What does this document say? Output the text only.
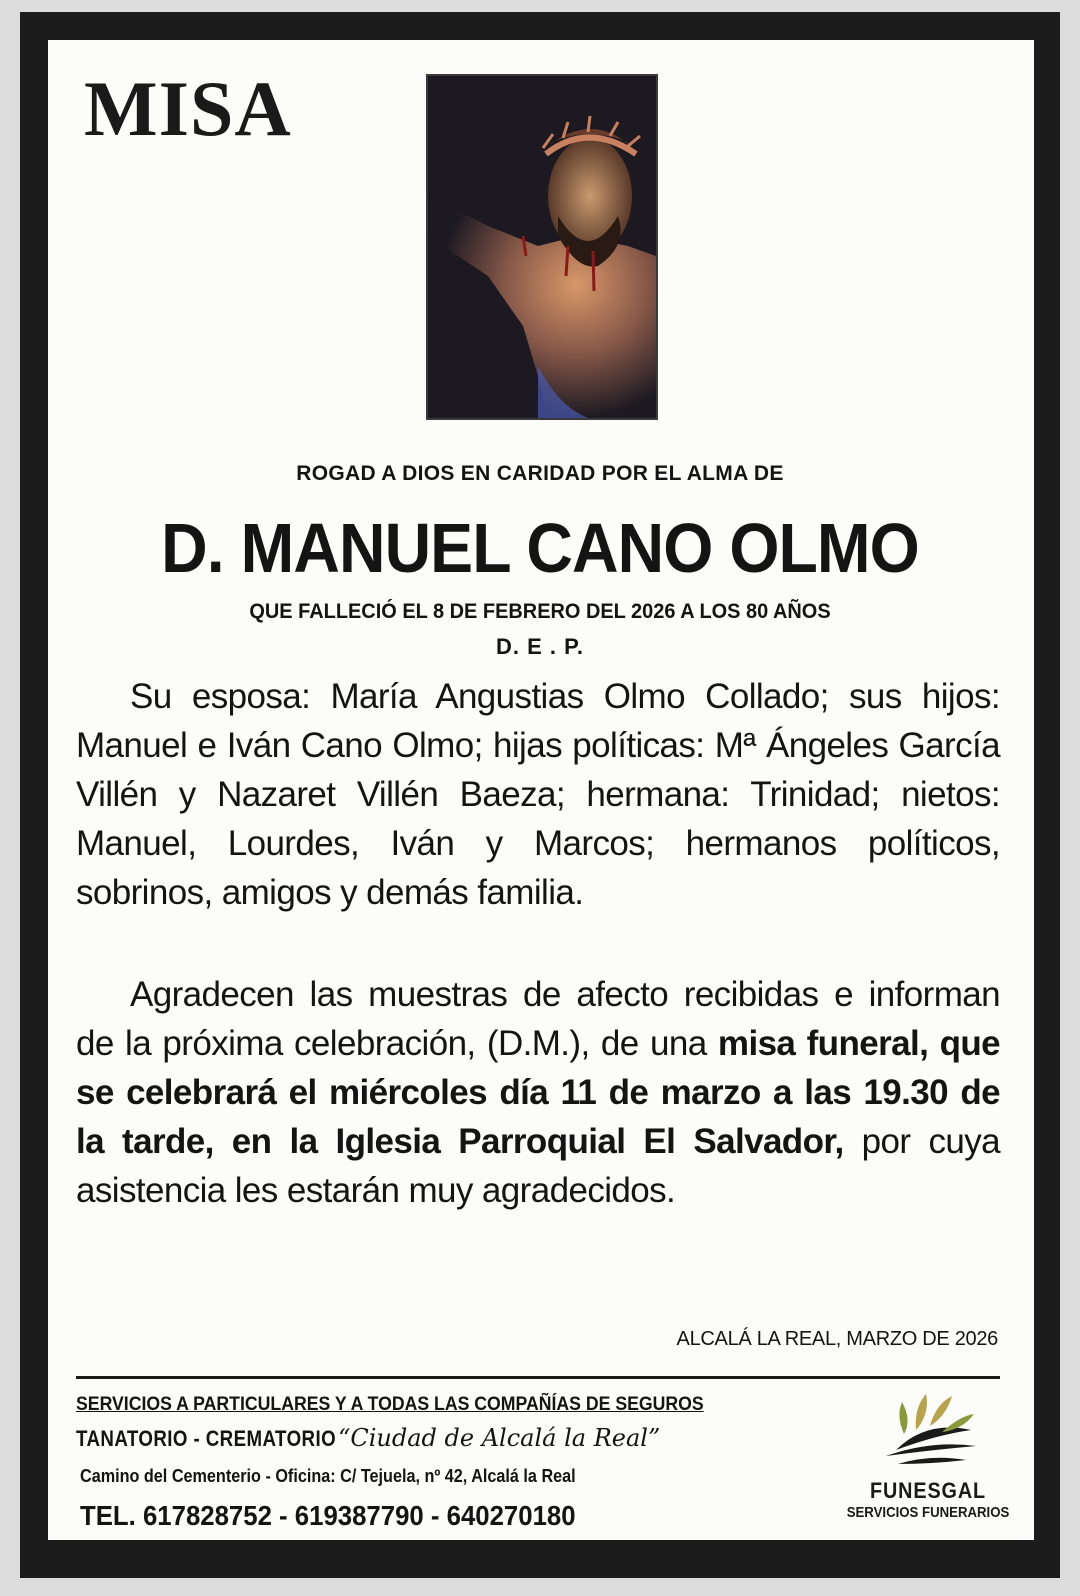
MISA

ROGAD A DIOS EN CARIDAD POR EL ALMA DE

D. MANUEL CANO OLMO
QUE FALLECIÓ EL 8 DE FEBRERO DEL 2026 A LOS 80 AÑOS
D. E . P.

Su esposa: María Angustias Olmo Collado; sus hijos: Manuel e Iván Cano Olmo; hijas políticas: Mª Ángeles García Villén y Nazaret Villén Baeza; hermana: Trinidad; nietos: Manuel, Lourdes, Iván y Marcos; hermanos políticos, sobrinos, amigos y demás familia.

Agradecen las muestras de afecto recibidas e informan de la próxima celebración, (D.M.), de una misa funeral, que se celebrará el miércoles día 11 de marzo a las 19.30 de la tarde, en la Iglesia Parroquial El Salvador, por cuya asistencia les estarán muy agradecidos.

ALCALÁ LA REAL, MARZO DE 2026
SERVICIOS A PARTICULARES Y A TODAS LAS COMPAÑÍAS DE SEGUROS
TANATORIO - CREMATORIO “Ciudad de Alcalá la Real”
Camino del Cementerio - Oficina: C/ Tejuela, nº 42, Alcalá la Real
TEL. 617828752 - 619387790 - 640270180
FUNESGAL
SERVICIOS FUNERARIOS
